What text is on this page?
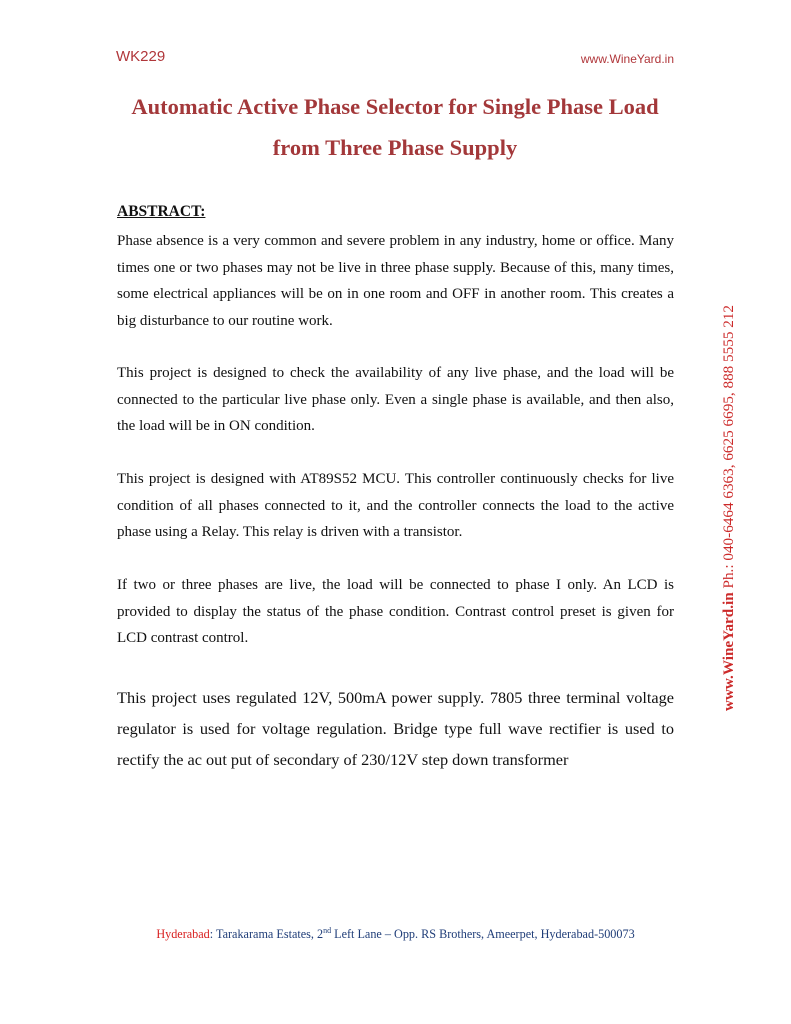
WK229	www.WineYard.in
Automatic Active Phase Selector for Single Phase Load
from Three Phase Supply
ABSTRACT:

Phase absence is a very common and severe problem in any industry, home or office. Many times one or two phases may not be live in three phase supply. Because of this, many times, some electrical appliances will be on in one room and OFF in another room. This creates a big disturbance to our routine work.

This project is designed to check the availability of any live phase, and the load will be connected to the particular live phase only. Even a single phase is available, and then also, the load will be in ON condition.

This project is designed with AT89S52 MCU. This controller continuously checks for live condition of all phases connected to it, and the controller connects the load to the active phase using a Relay. This relay is driven with a transistor.

If two or three phases are live, the load will be connected to phase I only. An LCD is provided to display the status of the phase condition. Contrast control preset is given for LCD contrast control.

This project uses regulated 12V, 500mA power supply. 7805 three terminal voltage regulator is used for voltage regulation. Bridge type full wave rectifier is used to rectify the ac out put of secondary of 230/12V step down transformer

www.WineYard.in Ph.: 040-6464 6363, 6625 6695, 888 5555 212
Hyderabad: Tarakarama Estates, 2nd Left Lane – Opp. RS Brothers, Ameerpet, Hyderabad-500073
